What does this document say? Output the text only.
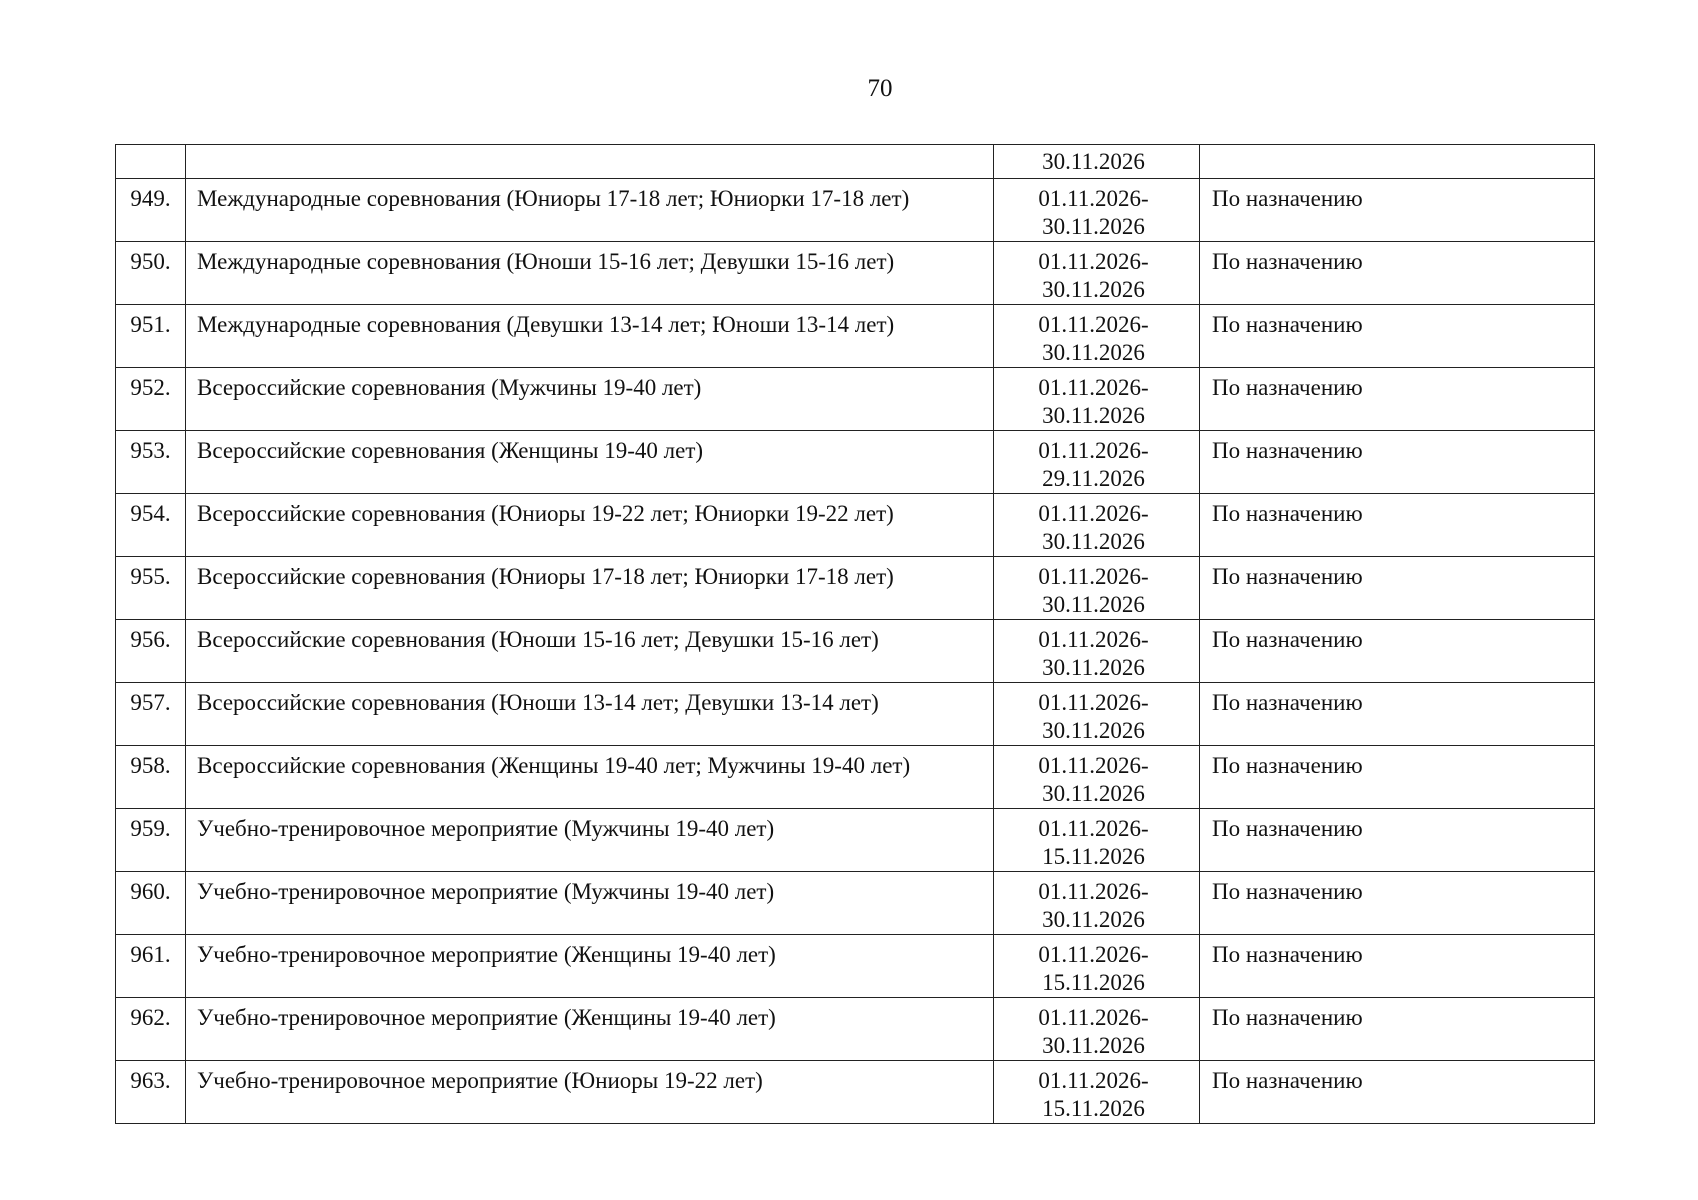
70

		30.11.2026	

949.	Международные соревнования (Юниоры 17-18 лет; Юниорки 17-18 лет)	01.11.2026-
30.11.2026	По назначению
950.	Международные соревнования (Юноши 15-16 лет; Девушки 15-16 лет)	01.11.2026-
30.11.2026	По назначению
951.	Международные соревнования (Девушки 13-14 лет; Юноши 13-14 лет)	01.11.2026-
30.11.2026	По назначению
952.	Всероссийские соревнования (Мужчины 19-40 лет)	01.11.2026-
30.11.2026	По назначению
953.	Всероссийские соревнования (Женщины 19-40 лет)	01.11.2026-
29.11.2026	По назначению
954.	Всероссийские соревнования (Юниоры 19-22 лет; Юниорки 19-22 лет)	01.11.2026-
30.11.2026	По назначению
955.	Всероссийские соревнования (Юниоры 17-18 лет; Юниорки 17-18 лет)	01.11.2026-
30.11.2026	По назначению
956.	Всероссийские соревнования (Юноши 15-16 лет; Девушки 15-16 лет)	01.11.2026-
30.11.2026	По назначению
957.	Всероссийские соревнования (Юноши 13-14 лет; Девушки 13-14 лет)	01.11.2026-
30.11.2026	По назначению
958.	Всероссийские соревнования (Женщины 19-40 лет; Мужчины 19-40 лет)	01.11.2026-
30.11.2026	По назначению
959.	Учебно-тренировочное мероприятие (Мужчины 19-40 лет)	01.11.2026-
15.11.2026	По назначению
960.	Учебно-тренировочное мероприятие (Мужчины 19-40 лет)	01.11.2026-
30.11.2026	По назначению
961.	Учебно-тренировочное мероприятие (Женщины 19-40 лет)	01.11.2026-
15.11.2026	По назначению
962.	Учебно-тренировочное мероприятие (Женщины 19-40 лет)	01.11.2026-
30.11.2026	По назначению
963.	Учебно-тренировочное мероприятие (Юниоры 19-22 лет)	01.11.2026-
15.11.2026	По назначению
